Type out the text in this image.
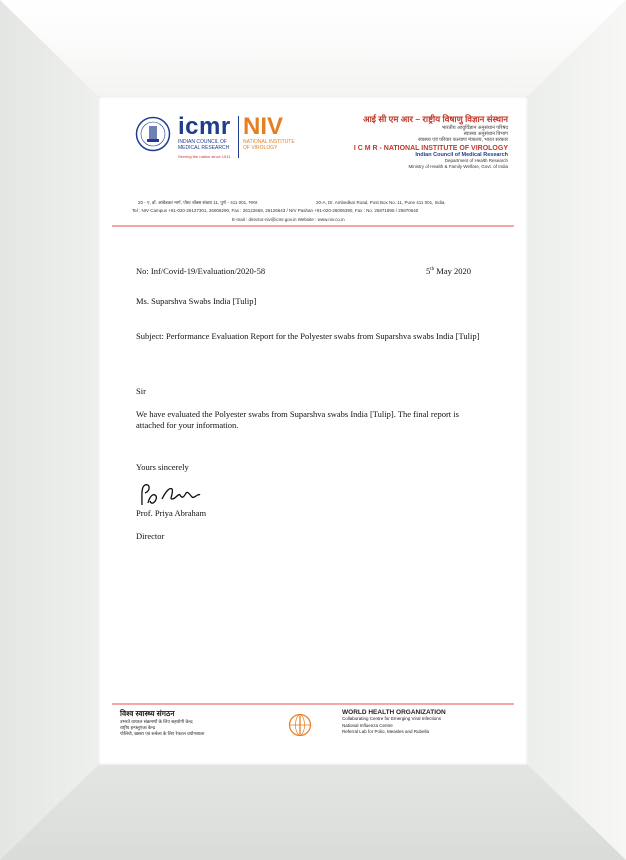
icmr
INDIAN COUNCIL OF
MEDICAL RESEARCH
Serving the nation since 1911
NIV
NATIONAL INSTITUTE
OF VIROLOGY
आई सी एम आर – राष्ट्रीय विषाणु विज्ञान संस्थान
भारतीय आयुर्विज्ञान अनुसंधान परिषद
स्वास्थ्य अनुसंधान विभाग
स्वास्थ्य एवं परिवार कल्याण मंत्रालय, भारत सरकार
I C M R - NATIONAL INSTITUTE OF VIROLOGY
Indian Council of Medical Research
Department of Health Research
Ministry of Health & Family Welfare, Govt. of India
20 - ए, डॉ. आंबेडकर मार्ग, पोस्ट बॉक्स संख्या 11, पुणे - 411 001, भारत.	20-A, Dr. Ambedkar Road, Post Box No. 11, Pune 411 001, India.
Tel : NIV Campus +91-020-26127301, 26006290, Fax : 26122669, 26126643 / NIV Pashan +91-020-26006390, Fax : No. 25871895 / 25870640
E-mail : director-niv@icmr.gov.in Website : www.niv.co.in
No: Inf/Covid-19/Evaluation/2020-58	5th May 2020
Ms. Suparshva Swabs India [Tulip]
Subject: Performance Evaluation Report for the Polyester swabs from Suparshva swabs India [Tulip]
Sir
We have evaluated the Polyester swabs from Suparshva swabs India [Tulip]. The final report is attached for your information.
Yours sincerely
Prof. Priya Abraham
Director
विश्व स्वास्थ्य संगठन
उभरते वायरल संक्रमणों के लिए सहयोगी केन्द्र
राष्ट्रीय इन्फ्लुएंजा केन्द्र
पोलियो, खसरा एवं रूबेला के लिए रेफरल प्रयोगशाला
WORLD HEALTH ORGANIZATION
Collaborating Centre for Emerging Viral Infections
National Influenza Centre
Referral Lab for Polio, Measles and Rubella
